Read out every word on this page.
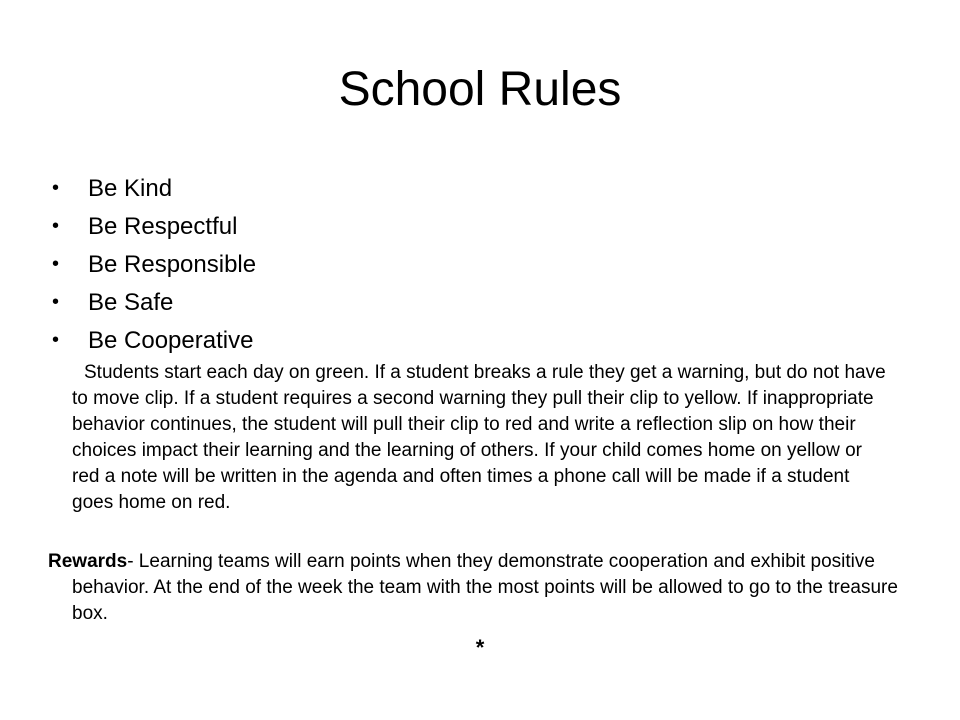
School Rules
• Be Kind
• Be Respectful
• Be Responsible
• Be Safe
• Be Cooperative

Students start each day on green. If a student breaks a rule they get a warning, but do not have to move clip. If a student requires a second warning they pull their clip to yellow. If inappropriate behavior continues, the student will pull their clip to red and write a reflection slip on how their choices impact their learning and the learning of others. If your child comes home on yellow or red a note will be written in the agenda and often times a phone call will be made if a student goes home on red.

Rewards- Learning teams will earn points when they demonstrate cooperation and exhibit positive behavior. At the end of the week the team with the most points will be allowed to go to the treasure box.

*
